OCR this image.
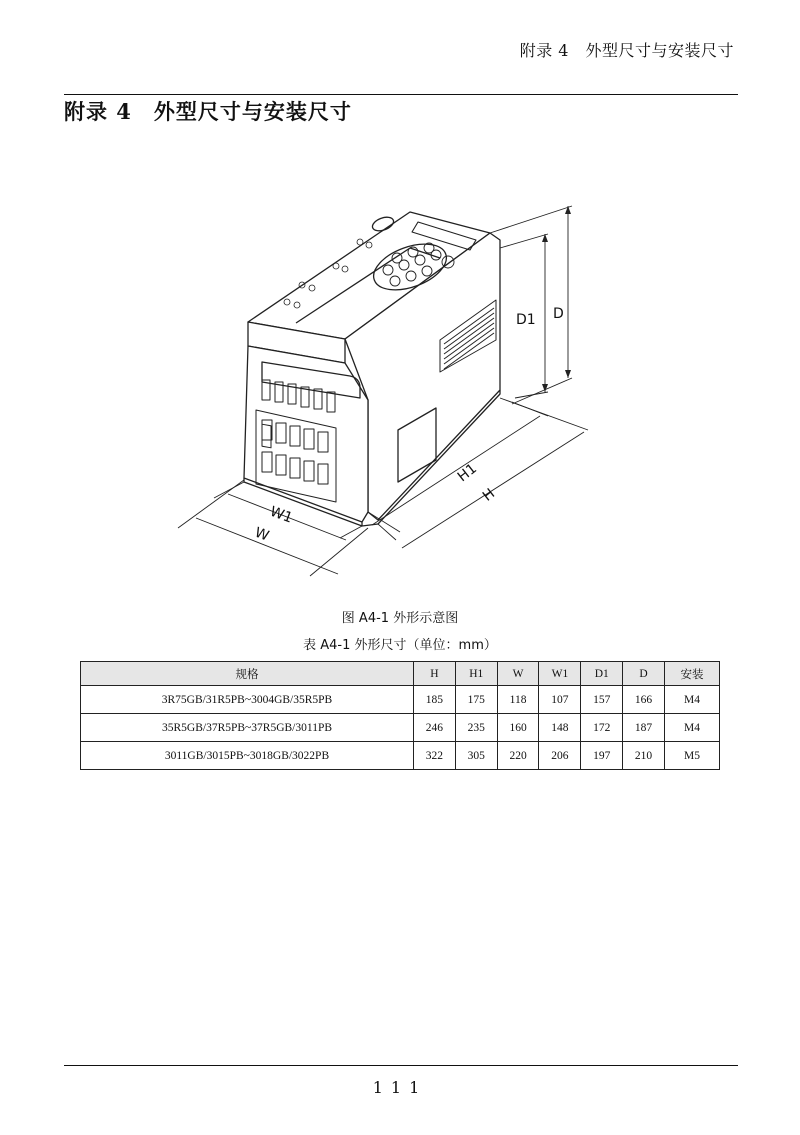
附录 4　外型尺寸与安装尺寸
附录 4　外型尺寸与安装尺寸
D1 D
H1
H
W1
W
图 A4-1 外形示意图
表 A4-1 外形尺寸（单位：mm）
规格	H	H1	W	W1	D1	D	安装
3R75GB/31R5PB~3004GB/35R5PB	185	175	118	107	157	166	M4
35R5GB/37R5PB~37R5GB/3011PB	246	235	160	148	172	187	M4
3011GB/3015PB~3018GB/3022PB	322	305	220	206	197	210	M5
111
